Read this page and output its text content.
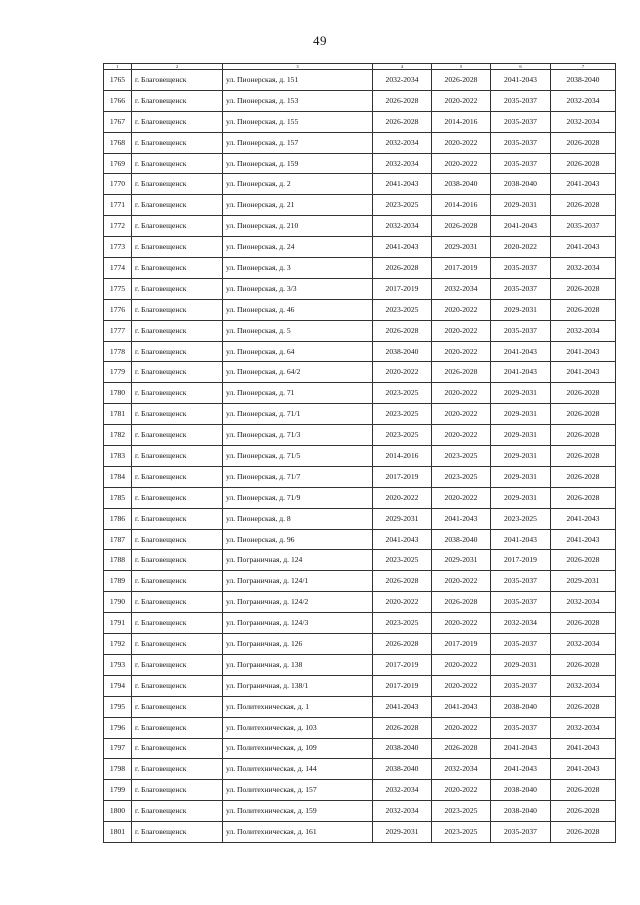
49
1	2	3	4	5	6	7
1765	г. Благовещенск	ул. Пионерская, д. 151	2032-2034	2026-2028	2041-2043	2038-2040
1766	г. Благовещенск	ул. Пионерская, д. 153	2026-2028	2020-2022	2035-2037	2032-2034
1767	г. Благовещенск	ул. Пионерская, д. 155	2026-2028	2014-2016	2035-2037	2032-2034
1768	г. Благовещенск	ул. Пионерская, д. 157	2032-2034	2020-2022	2035-2037	2026-2028
1769	г. Благовещенск	ул. Пионерская, д. 159	2032-2034	2020-2022	2035-2037	2026-2028
1770	г. Благовещенск	ул. Пионерская, д. 2	2041-2043	2038-2040	2038-2040	2041-2043
1771	г. Благовещенск	ул. Пионерская, д. 21	2023-2025	2014-2016	2029-2031	2026-2028
1772	г. Благовещенск	ул. Пионерская, д. 210	2032-2034	2026-2028	2041-2043	2035-2037
1773	г. Благовещенск	ул. Пионерская, д. 24	2041-2043	2029-2031	2020-2022	2041-2043
1774	г. Благовещенск	ул. Пионерская, д. 3	2026-2028	2017-2019	2035-2037	2032-2034
1775	г. Благовещенск	ул. Пионерская, д. 3/3	2017-2019	2032-2034	2035-2037	2026-2028
1776	г. Благовещенск	ул. Пионерская, д. 46	2023-2025	2020-2022	2029-2031	2026-2028
1777	г. Благовещенск	ул. Пионерская, д. 5	2026-2028	2020-2022	2035-2037	2032-2034
1778	г. Благовещенск	ул. Пионерская, д. 64	2038-2040	2020-2022	2041-2043	2041-2043
1779	г. Благовещенск	ул. Пионерская, д. 64/2	2020-2022	2026-2028	2041-2043	2041-2043
1780	г. Благовещенск	ул. Пионерская, д. 71	2023-2025	2020-2022	2029-2031	2026-2028
1781	г. Благовещенск	ул. Пионерская, д. 71/1	2023-2025	2020-2022	2029-2031	2026-2028
1782	г. Благовещенск	ул. Пионерская, д. 71/3	2023-2025	2020-2022	2029-2031	2026-2028
1783	г. Благовещенск	ул. Пионерская, д. 71/5	2014-2016	2023-2025	2029-2031	2026-2028
1784	г. Благовещенск	ул. Пионерская, д. 71/7	2017-2019	2023-2025	2029-2031	2026-2028
1785	г. Благовещенск	ул. Пионерская, д. 71/9	2020-2022	2020-2022	2029-2031	2026-2028
1786	г. Благовещенск	ул. Пионерская, д. 8	2029-2031	2041-2043	2023-2025	2041-2043
1787	г. Благовещенск	ул. Пионерская, д. 96	2041-2043	2038-2040	2041-2043	2041-2043
1788	г. Благовещенск	ул. Пограничная, д. 124	2023-2025	2029-2031	2017-2019	2026-2028
1789	г. Благовещенск	ул. Пограничная, д. 124/1	2026-2028	2020-2022	2035-2037	2029-2031
1790	г. Благовещенск	ул. Пограничная, д. 124/2	2020-2022	2026-2028	2035-2037	2032-2034
1791	г. Благовещенск	ул. Пограничная, д. 124/3	2023-2025	2020-2022	2032-2034	2026-2028
1792	г. Благовещенск	ул. Пограничная, д. 126	2026-2028	2017-2019	2035-2037	2032-2034
1793	г. Благовещенск	ул. Пограничная, д. 138	2017-2019	2020-2022	2029-2031	2026-2028
1794	г. Благовещенск	ул. Пограничная, д. 138/1	2017-2019	2020-2022	2035-2037	2032-2034
1795	г. Благовещенск	ул. Политехническая, д. 1	2041-2043	2041-2043	2038-2040	2026-2028
1796	г. Благовещенск	ул. Политехническая, д. 103	2026-2028	2020-2022	2035-2037	2032-2034
1797	г. Благовещенск	ул. Политехническая, д. 109	2038-2040	2026-2028	2041-2043	2041-2043
1798	г. Благовещенск	ул. Политехническая, д. 144	2038-2040	2032-2034	2041-2043	2041-2043
1799	г. Благовещенск	ул. Политехническая, д. 157	2032-2034	2020-2022	2038-2040	2026-2028
1800	г. Благовещенск	ул. Политехническая, д. 159	2032-2034	2023-2025	2038-2040	2026-2028
1801	г. Благовещенск	ул. Политехническая, д. 161	2029-2031	2023-2025	2035-2037	2026-2028
